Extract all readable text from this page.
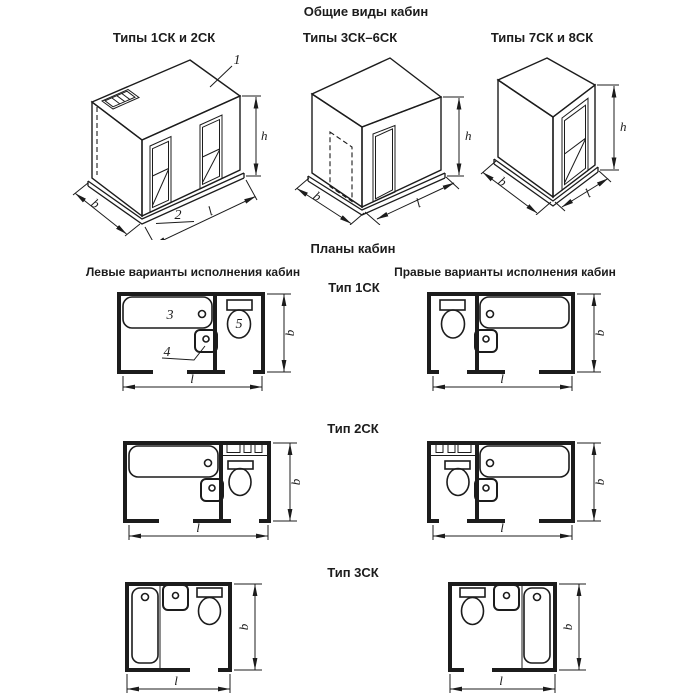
Общие виды кабин
Типы 1СК и 2СК	Типы 3СК–6СК	Типы 7СК и 8СК
Планы кабин
Левые варианты исполнения кабин	Правые варианты исполнения кабин
Тип 1СК
Тип 2СК
Тип 3СК
1
2
h
b	l
h
b	l
h
b
l
3
4
5
b
l
b
l
b
l
b
l
b
l
b
l
